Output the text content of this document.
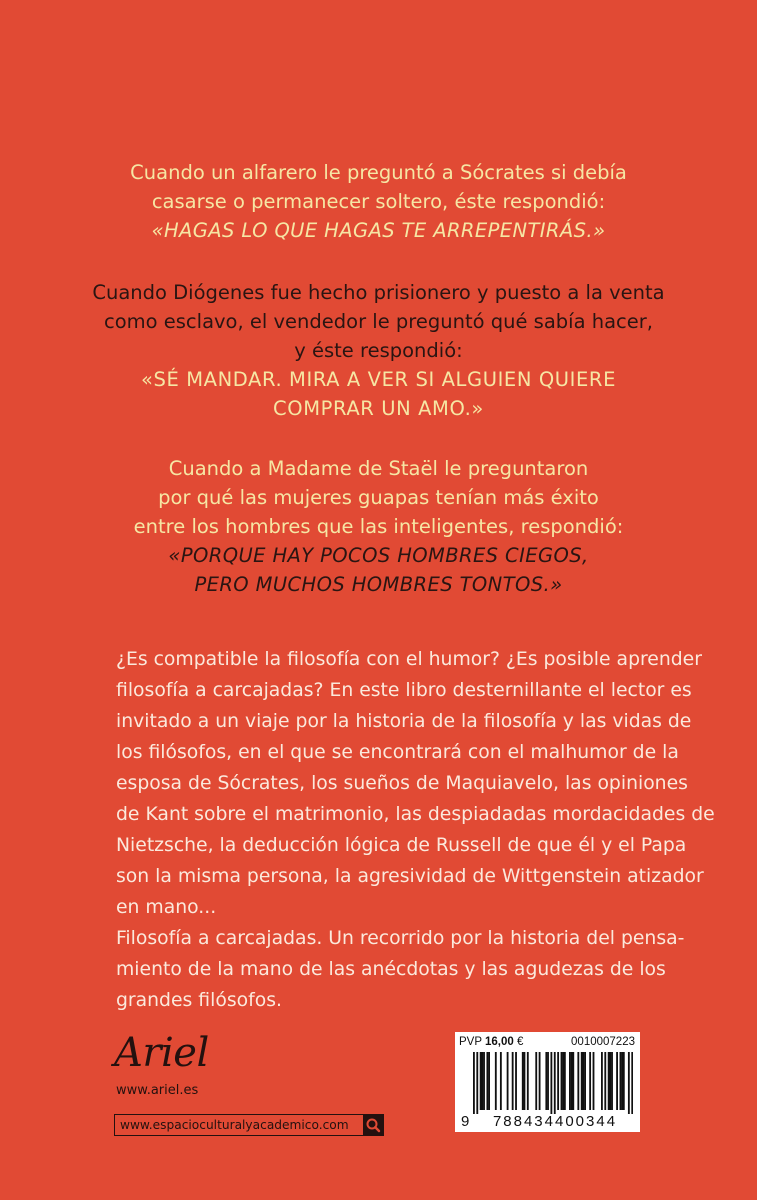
Cuando un alfarero le preguntó a Sócrates si debía
casarse o permanecer soltero, éste respondió:
«HAGAS LO QUE HAGAS TE ARREPENTIRÁS.»
Cuando Diógenes fue hecho prisionero y puesto a la venta
como esclavo, el vendedor le preguntó qué sabía hacer,
y éste respondió:
«SÉ MANDAR. MIRA A VER SI ALGUIEN QUIERE
COMPRAR UN AMO.»
Cuando a Madame de Staël le preguntaron
por qué las mujeres guapas tenían más éxito
entre los hombres que las inteligentes, respondió:
«PORQUE HAY POCOS HOMBRES CIEGOS,
PERO MUCHOS HOMBRES TONTOS.»
¿Es compatible la filosofía con el humor? ¿Es posible aprender
filosofía a carcajadas? En este libro desternillante el lector es
invitado a un viaje por la historia de la filosofía y las vidas de
los filósofos, en el que se encontrará con el malhumor de la
esposa de Sócrates, los sueños de Maquiavelo, las opiniones
de Kant sobre el matrimonio, las despiadadas mordacidades de
Nietzsche, la deducción lógica de Russell de que él y el Papa
son la misma persona, la agresividad de Wittgenstein atizador
en mano...
Filosofía a carcajadas. Un recorrido por la historia del pensa-
miento de la mano de las anécdotas y las agudezas de los
grandes filósofos.
Ariel
www.ariel.es
www.espacioculturalyacademico.com
PVP 16,00 €	0010007223
9	788434400344
